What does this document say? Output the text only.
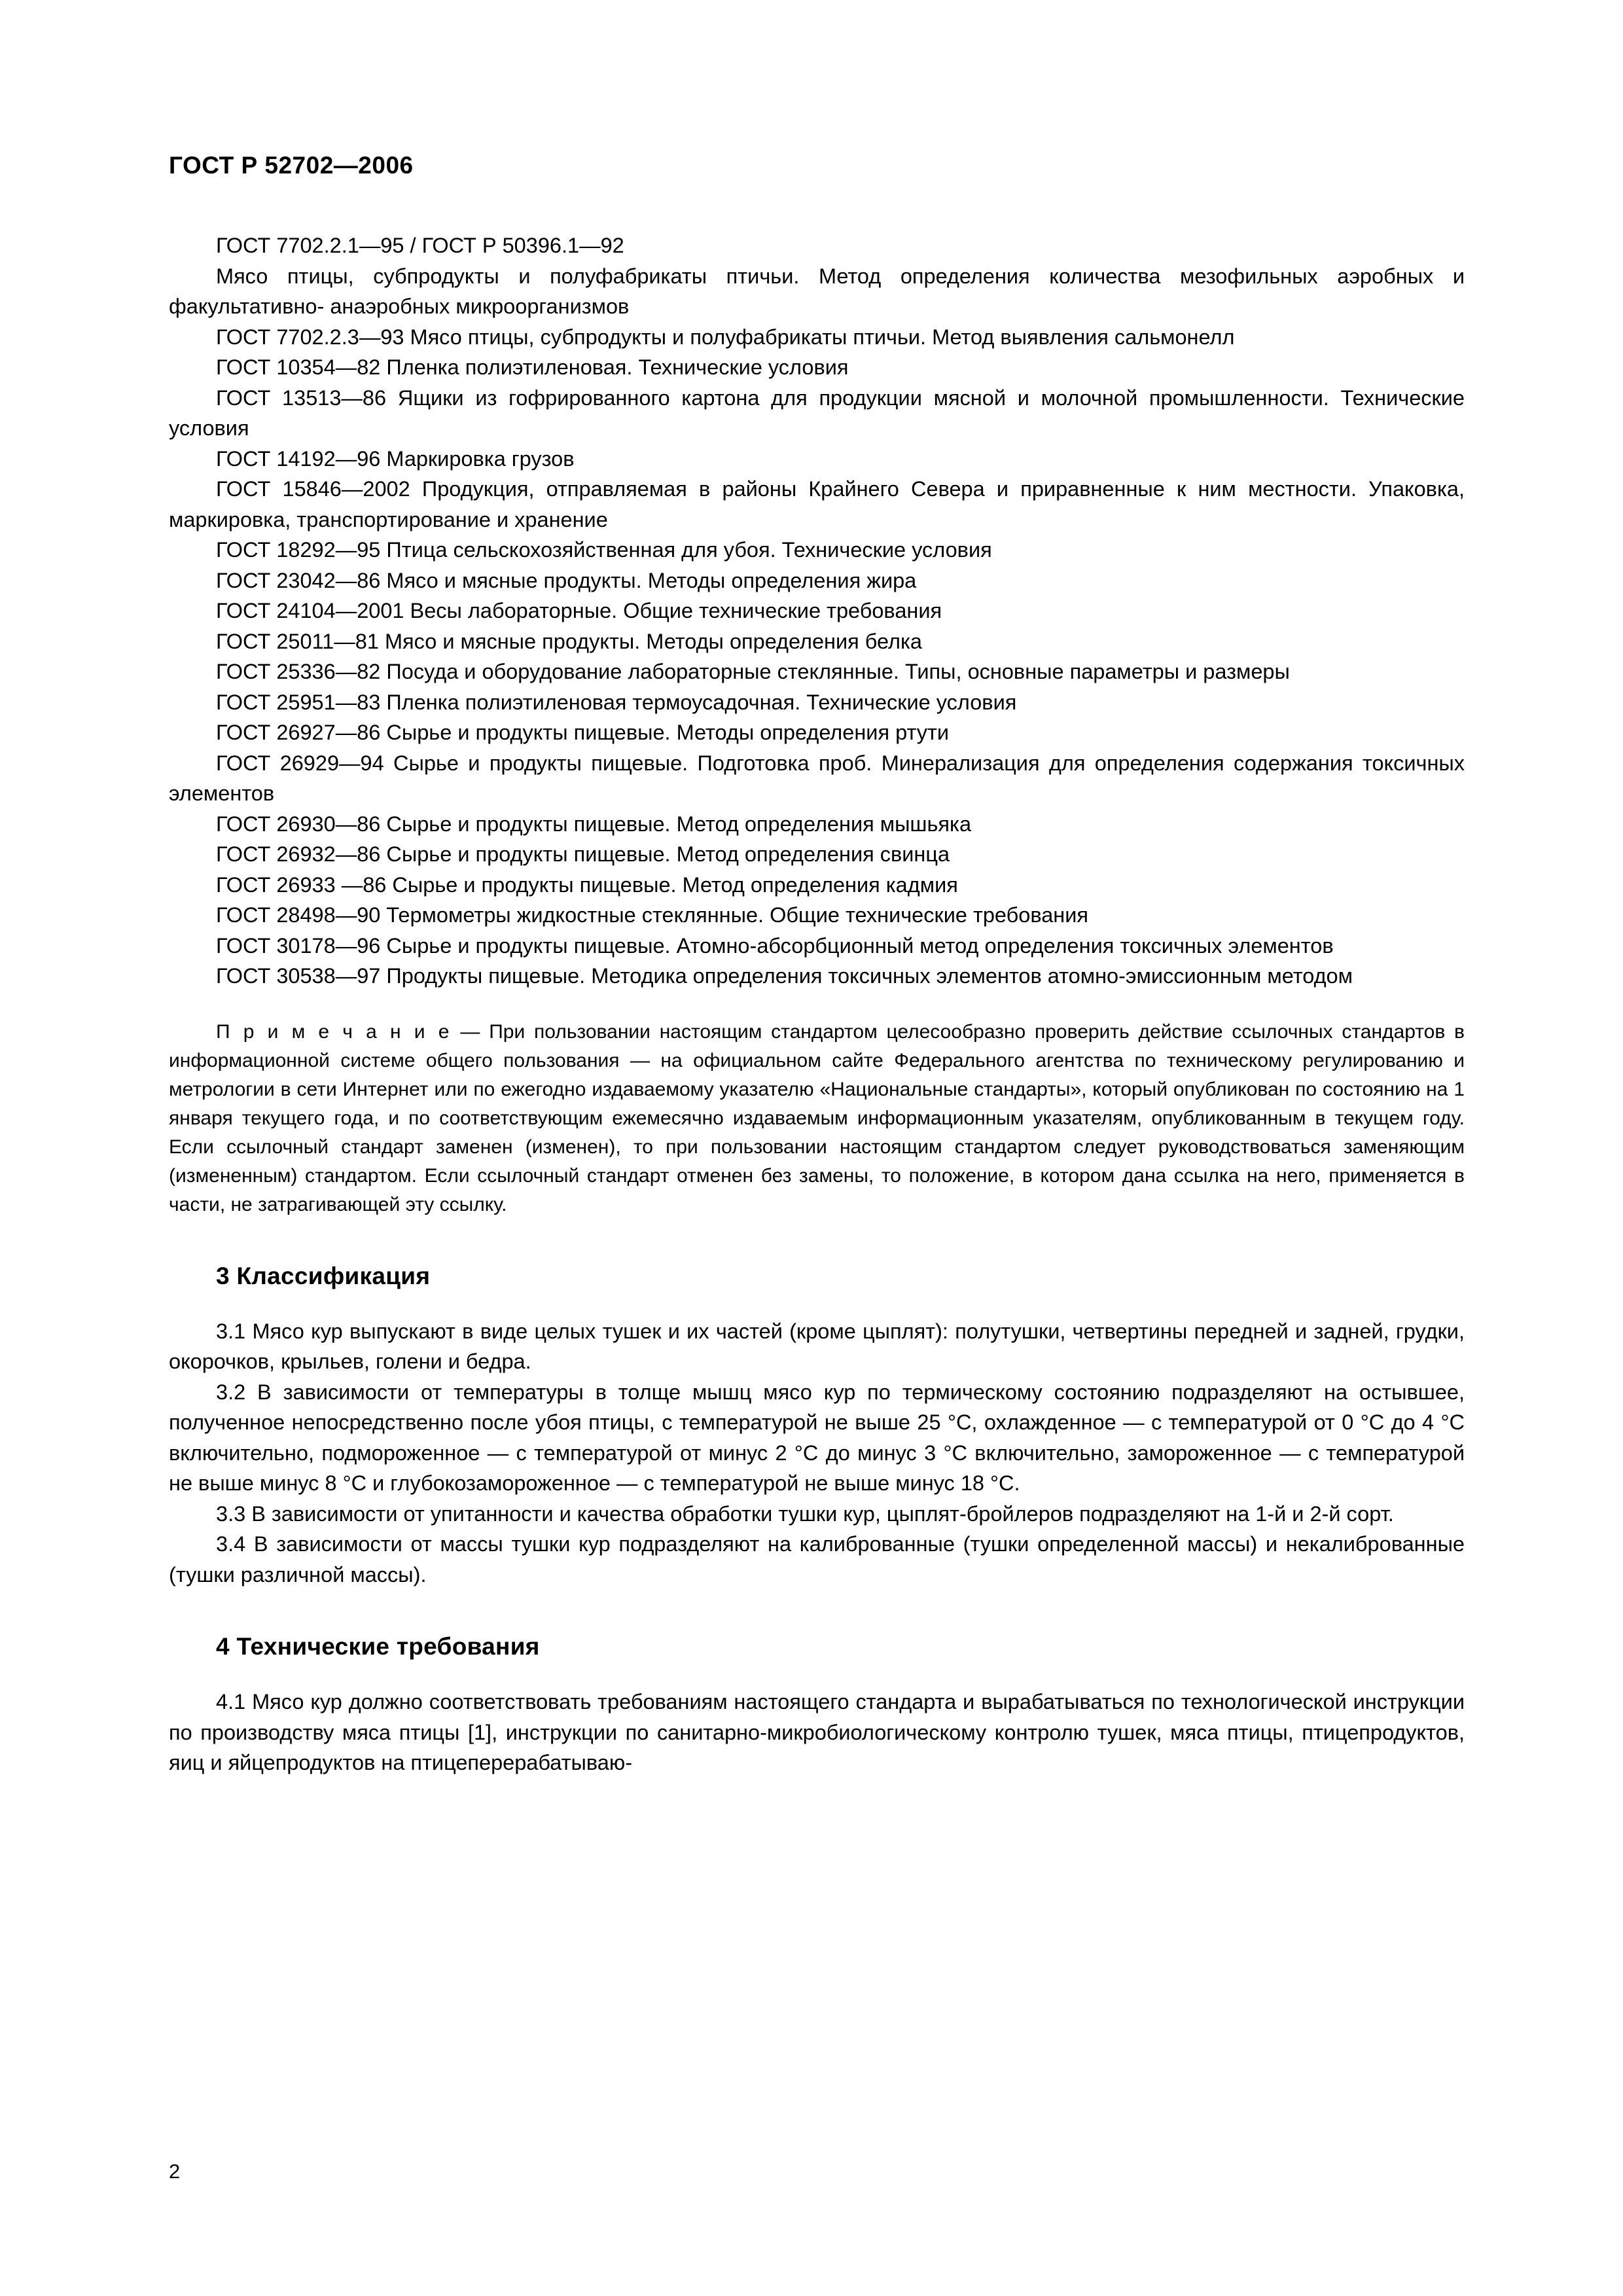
ГОСТ Р 52702—2006

ГОСТ 7702.2.1—95 / ГОСТ Р 50396.1—92

Мясо птицы, субпродукты и полуфабрикаты птичьи. Метод определения количества мезофильных аэробных и факультативно- анаэробных микроорганизмов

ГОСТ 7702.2.3—93 Мясо птицы, субпродукты и полуфабрикаты птичьи. Метод выявления сальмонелл

ГОСТ 10354—82 Пленка полиэтиленовая. Технические условия

ГОСТ 13513—86 Ящики из гофрированного картона для продукции мясной и молочной промышленности. Технические условия

ГОСТ 14192—96 Маркировка грузов

ГОСТ 15846—2002 Продукция, отправляемая в районы Крайнего Севера и приравненные к ним местности. Упаковка, маркировка, транспортирование и хранение

ГОСТ 18292—95 Птица сельскохозяйственная для убоя. Технические условия

ГОСТ 23042—86 Мясо и мясные продукты. Методы определения жира

ГОСТ 24104—2001 Весы лабораторные. Общие технические требования

ГОСТ 25011—81 Мясо и мясные продукты. Методы определения белка

ГОСТ 25336—82 Посуда и оборудование лабораторные стеклянные. Типы, основные параметры и размеры

ГОСТ 25951—83 Пленка полиэтиленовая термоусадочная. Технические условия

ГОСТ 26927—86 Сырье и продукты пищевые. Методы определения ртути

ГОСТ 26929—94 Сырье и продукты пищевые. Подготовка проб. Минерализация для определения содержания токсичных элементов

ГОСТ 26930—86 Сырье и продукты пищевые. Метод определения мышьяка

ГОСТ 26932—86 Сырье и продукты пищевые. Метод определения свинца

ГОСТ 26933 —86 Сырье и продукты пищевые. Метод определения кадмия

ГОСТ 28498—90 Термометры жидкостные стеклянные. Общие технические требования

ГОСТ 30178—96 Сырье и продукты пищевые. Атомно-абсорбционный метод определения токсичных элементов

ГОСТ 30538—97 Продукты пищевые. Методика определения токсичных элементов атомно-эмиссионным методом

П р и м е ч а н и е — При пользовании настоящим стандартом целесообразно проверить действие ссылочных стандартов в информационной системе общего пользования — на официальном сайте Федерального агентства по техническому регулированию и метрологии в сети Интернет или по ежегодно издаваемому указателю «Национальные стандарты», который опубликован по состоянию на 1 января текущего года, и по соответствующим ежемесячно издаваемым информационным указателям, опубликованным в текущем году. Если ссылочный стандарт заменен (изменен), то при пользовании настоящим стандартом следует руководствоваться заменяющим (измененным) стандартом. Если ссылочный стандарт отменен без замены, то положение, в котором дана ссылка на него, применяется в части, не затрагивающей эту ссылку.
3 Классификация

3.1 Мясо кур выпускают в виде целых тушек и их частей (кроме цыплят): полутушки, четвертины передней и задней, грудки, окорочков, крыльев, голени и бедра.

3.2 В зависимости от температуры в толще мышц мясо кур по термическому состоянию подразделяют на остывшее, полученное непосредственно после убоя птицы, с температурой не выше 25 °С, охлажденное — с температурой от 0 °С до 4 °С включительно, подмороженное — с температурой от минус 2 °С до минус 3 °С включительно, замороженное — с температурой не выше минус 8 °С и глубокозамороженное — с температурой не выше минус 18 °С.

3.3 В зависимости от упитанности и качества обработки тушки кур, цыплят-бройлеров подразделяют на 1-й и 2-й сорт.

3.4 В зависимости от массы тушки кур подразделяют на калиброванные (тушки определенной массы) и некалиброванные (тушки различной массы).

4 Технические требования

4.1 Мясо кур должно соответствовать требованиям настоящего стандарта и вырабатываться по технологической инструкции по производству мяса птицы [1], инструкции по санитарно-микробиологическому контролю тушек, мяса птицы, птицепродуктов, яиц и яйцепродуктов на птицеперерабатываю-

2
